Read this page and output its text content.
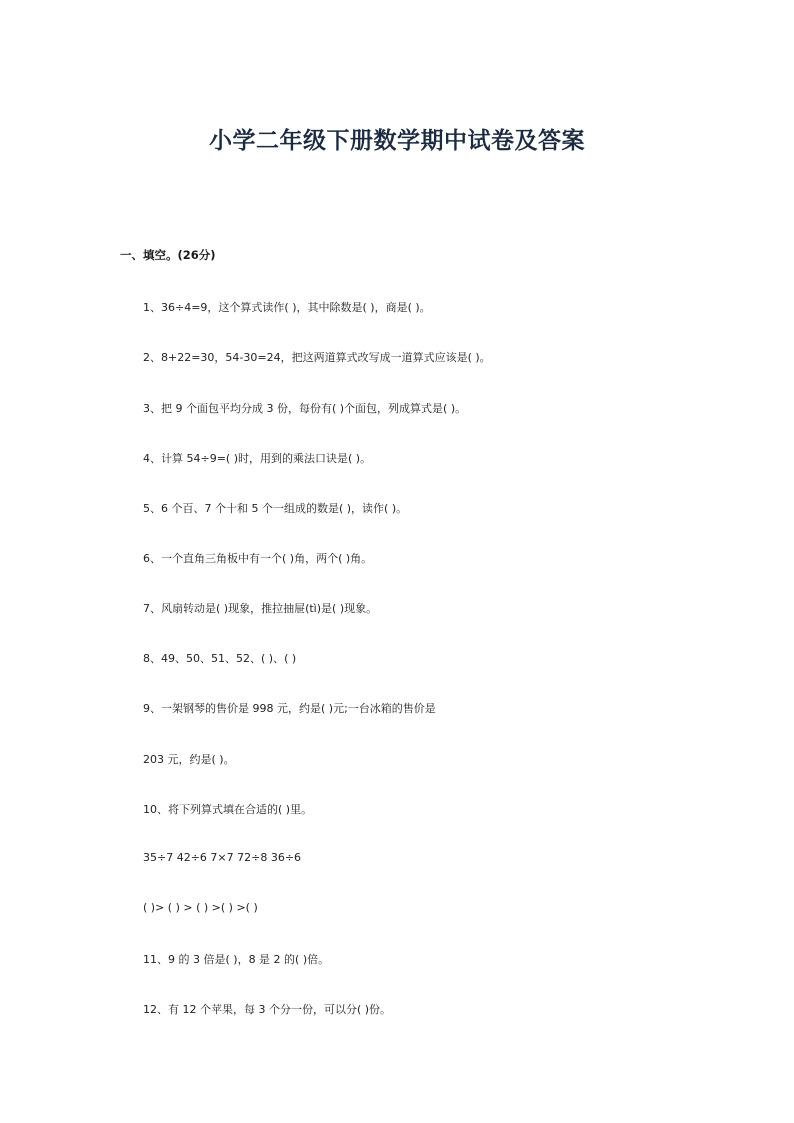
小学二年级下册数学期中试卷及答案
一、填空。(26分)
1、36÷4=9，这个算式读作( )，其中除数是( )，商是( )。
2、8+22=30，54-30=24，把这两道算式改写成一道算式应该是( )。
3、把 9 个面包平均分成 3 份，每份有( )个面包，列成算式是( )。
4、计算 54÷9=( )时，用到的乘法口诀是( )。
5、6 个百、7 个十和 5 个一组成的数是( )，读作( )。
6、一个直角三角板中有一个( )角，两个( )角。
7、风扇转动是( )现象，推拉抽屉(tì)是( )现象。
8、49、50、51、52、( )、( )
9、一架钢琴的售价是 998 元，约是( )元;一台冰箱的售价是
203 元，约是( )。
10、将下列算式填在合适的( )里。
35÷7 42÷6 7×7 72÷8 36÷6
( )> ( ) > ( ) >( ) >( )
11、9 的 3 倍是( )，8 是 2 的( )倍。
12、有 12 个苹果，每 3 个分一份，可以分( )份。
